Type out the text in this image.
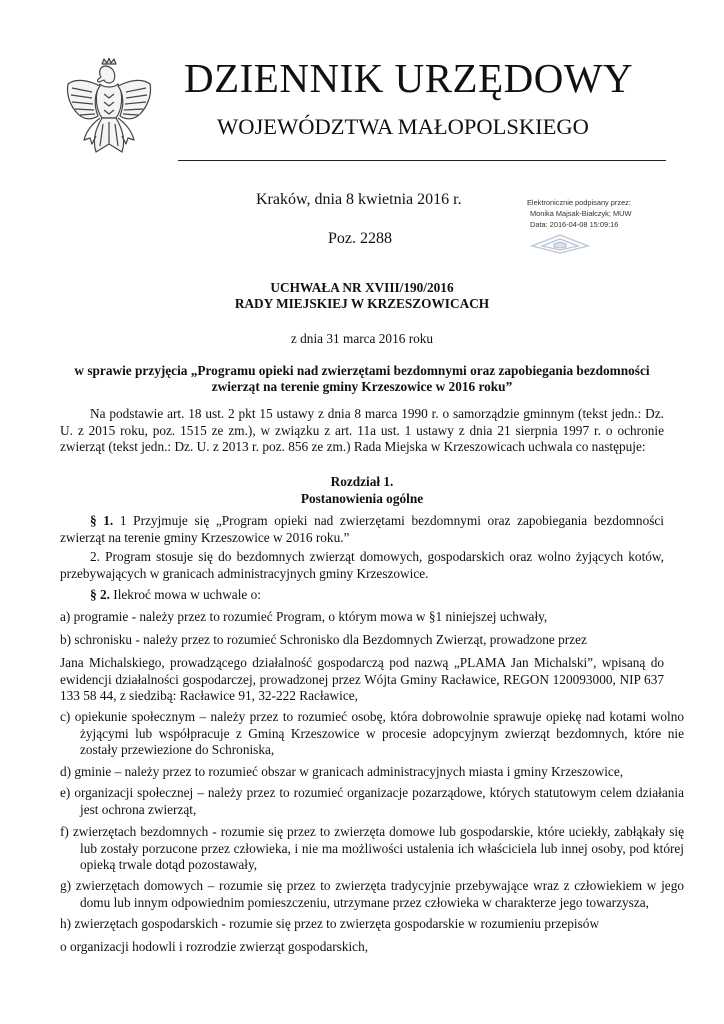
DZIENNIK URZĘDOWY
WOJEWÓDZTWA MAŁOPOLSKIEGO
Kraków, dnia 8 kwietnia 2016 r.
Poz. 2288
Elektronicznie podpisany przez:
Monika Majsak-Białczyk; MUW
Data: 2016-04-08 15:09:16
UCHWAŁA NR XVIII/190/2016
RADY MIEJSKIEJ W KRZESZOWICACH
z dnia 31 marca 2016 roku
w sprawie przyjęcia „Programu opieki nad zwierzętami bezdomnymi oraz zapobiegania bezdomności zwierząt na terenie gminy Krzeszowice w 2016 roku”
Na podstawie art. 18 ust. 2 pkt 15 ustawy z dnia 8 marca 1990 r. o samorządzie gminnym (tekst jedn.: Dz. U. z 2015 roku, poz. 1515 ze zm.), w związku z art. 11a ust. 1 ustawy z dnia 21 sierpnia 1997 r. o ochronie zwierząt (tekst jedn.: Dz. U. z 2013 r. poz. 856 ze zm.) Rada Miejska w Krzeszowicach uchwala co następuje:
Rozdział 1.
Postanowienia ogólne
§ 1. 1 Przyjmuje się „Program opieki nad zwierzętami bezdomnymi oraz zapobiegania bezdomności zwierząt na terenie gminy Krzeszowice w 2016 roku.”
2. Program stosuje się do bezdomnych zwierząt domowych, gospodarskich oraz wolno żyjących kotów, przebywających w granicach administracyjnych gminy Krzeszowice.
§ 2. Ilekroć mowa w uchwale o:
a) programie - należy przez to rozumieć Program, o którym mowa w §1 niniejszej uchwały,
b) schronisku - należy przez to rozumieć Schronisko dla Bezdomnych Zwierząt, prowadzone przez
Jana Michalskiego, prowadzącego działalność gospodarczą pod nazwą „PLAMA Jan Michalski”, wpisaną do ewidencji działalności gospodarczej, prowadzonej przez Wójta Gminy Racławice, REGON 120093000, NIP 637 133 58 44, z siedzibą: Racławice 91, 32-222 Racławice,
c) opiekunie społecznym – należy przez to rozumieć osobę, która dobrowolnie sprawuje opiekę nad kotami wolno żyjącymi lub współpracuje z Gminą Krzeszowice w procesie adopcyjnym zwierząt bezdomnych, które nie zostały przewiezione do Schroniska,
d) gminie – należy przez to rozumieć obszar w granicach administracyjnych miasta i gminy Krzeszowice,
e) organizacji społecznej – należy przez to rozumieć organizacje pozarządowe, których statutowym celem działania jest ochrona zwierząt,
f) zwierzętach bezdomnych - rozumie się przez to zwierzęta domowe lub gospodarskie, które uciekły, zabłąkały się lub zostały porzucone przez człowieka, i nie ma możliwości ustalenia ich właściciela lub innej osoby, pod której opieką trwale dotąd pozostawały,
g) zwierzętach domowych – rozumie się przez to zwierzęta tradycyjnie przebywające wraz z człowiekiem w jego domu lub innym odpowiednim pomieszczeniu, utrzymane przez człowieka w charakterze jego towarzysza,
h) zwierzętach gospodarskich - rozumie się przez to zwierzęta gospodarskie w rozumieniu przepisów
o organizacji hodowli i rozrodzie zwierząt gospodarskich,
